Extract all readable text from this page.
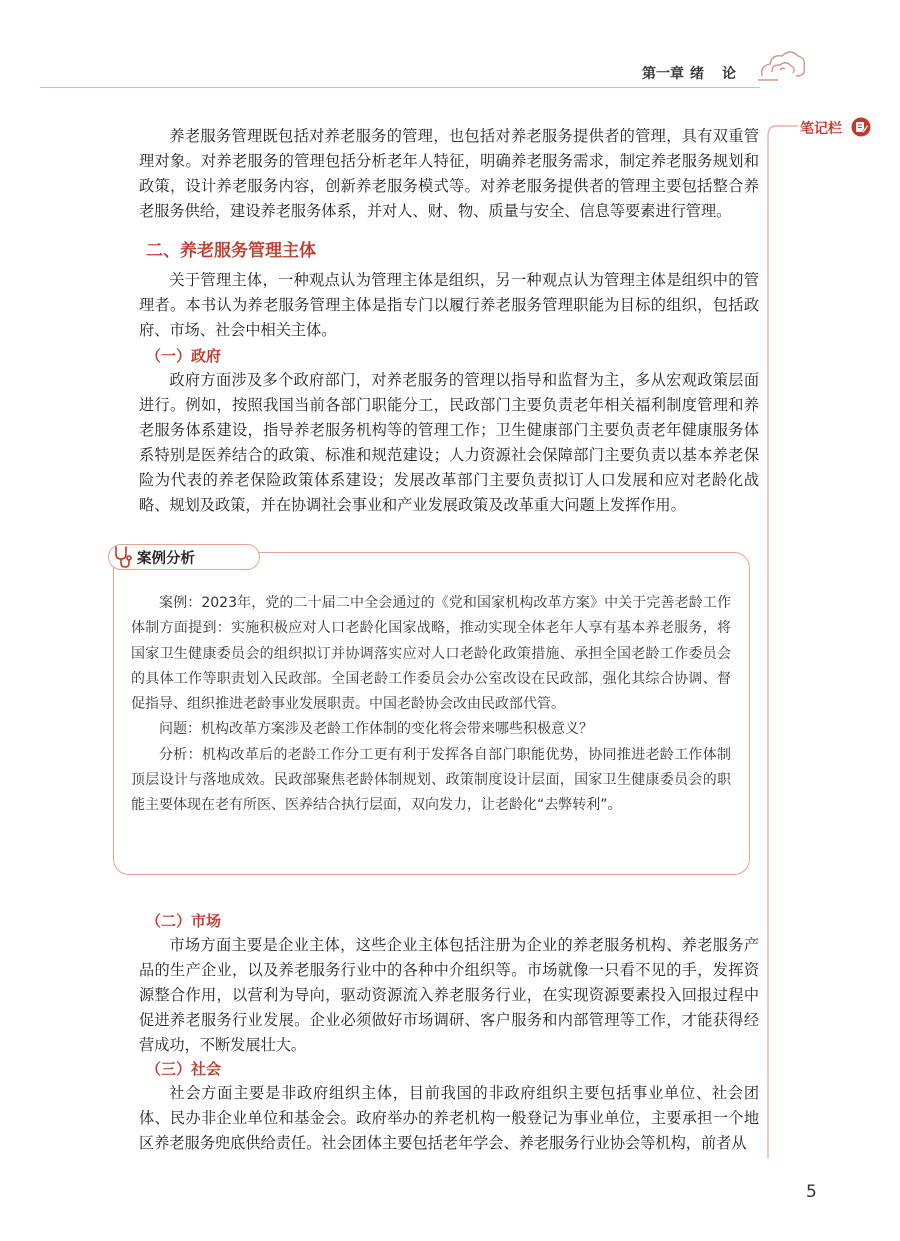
第一章 绪论
笔记栏

养老服务管理既包括对养老服务的管理，也包括对养老服务提供者的管理，具有双重管理对象。对养老服务的管理包括分析老年人特征，明确养老服务需求，制定养老服务规划和政策，设计养老服务内容，创新养老服务模式等。对养老服务提供者的管理主要包括整合养老服务供给，建设养老服务体系，并对人、财、物、质量与安全、信息等要素进行管理。

二、养老服务管理主体

关于管理主体，一种观点认为管理主体是组织，另一种观点认为管理主体是组织中的管理者。本书认为养老服务管理主体是指专门以履行养老服务管理职能为目标的组织，包括政府、市场、社会中相关主体。

（一）政府

政府方面涉及多个政府部门，对养老服务的管理以指导和监督为主，多从宏观政策层面进行。例如，按照我国当前各部门职能分工，民政部门主要负责老年相关福利制度管理和养老服务体系建设，指导养老服务机构等的管理工作；卫生健康部门主要负责老年健康服务体系特别是医养结合的政策、标准和规范建设；人力资源社会保障部门主要负责以基本养老保险为代表的养老保险政策体系建设；发展改革部门主要负责拟订人口发展和应对老龄化战略、规划及政策，并在协调社会事业和产业发展政策及改革重大问题上发挥作用。

案例分析

案例：2023年，党的二十届二中全会通过的《党和国家机构改革方案》中关于完善老龄工作体制方面提到：实施积极应对人口老龄化国家战略，推动实现全体老年人享有基本养老服务，将国家卫生健康委员会的组织拟订并协调落实应对人口老龄化政策措施、承担全国老龄工作委员会的具体工作等职责划入民政部。全国老龄工作委员会办公室改设在民政部，强化其综合协调、督促指导、组织推进老龄事业发展职责。中国老龄协会改由民政部代管。

问题：机构改革方案涉及老龄工作体制的变化将会带来哪些积极意义？

分析：机构改革后的老龄工作分工更有利于发挥各自部门职能优势，协同推进老龄工作体制顶层设计与落地成效。民政部聚焦老龄体制规划、政策制度设计层面，国家卫生健康委员会的职能主要体现在老有所医、医养结合执行层面，双向发力，让老龄化“去弊转利”。

（二）市场

市场方面主要是企业主体，这些企业主体包括注册为企业的养老服务机构、养老服务产品的生产企业，以及养老服务行业中的各种中介组织等。市场就像一只看不见的手，发挥资源整合作用，以营利为导向，驱动资源流入养老服务行业，在实现资源要素投入回报过程中促进养老服务行业发展。企业必须做好市场调研、客户服务和内部管理等工作，才能获得经营成功，不断发展壮大。

（三）社会

社会方面主要是非政府组织主体，目前我国的非政府组织主要包括事业单位、社会团体、民办非企业单位和基金会。政府举办的养老机构一般登记为事业单位，主要承担一个地区养老服务兜底供给责任。社会团体主要包括老年学会、养老服务行业协会等机构，前者从

5
